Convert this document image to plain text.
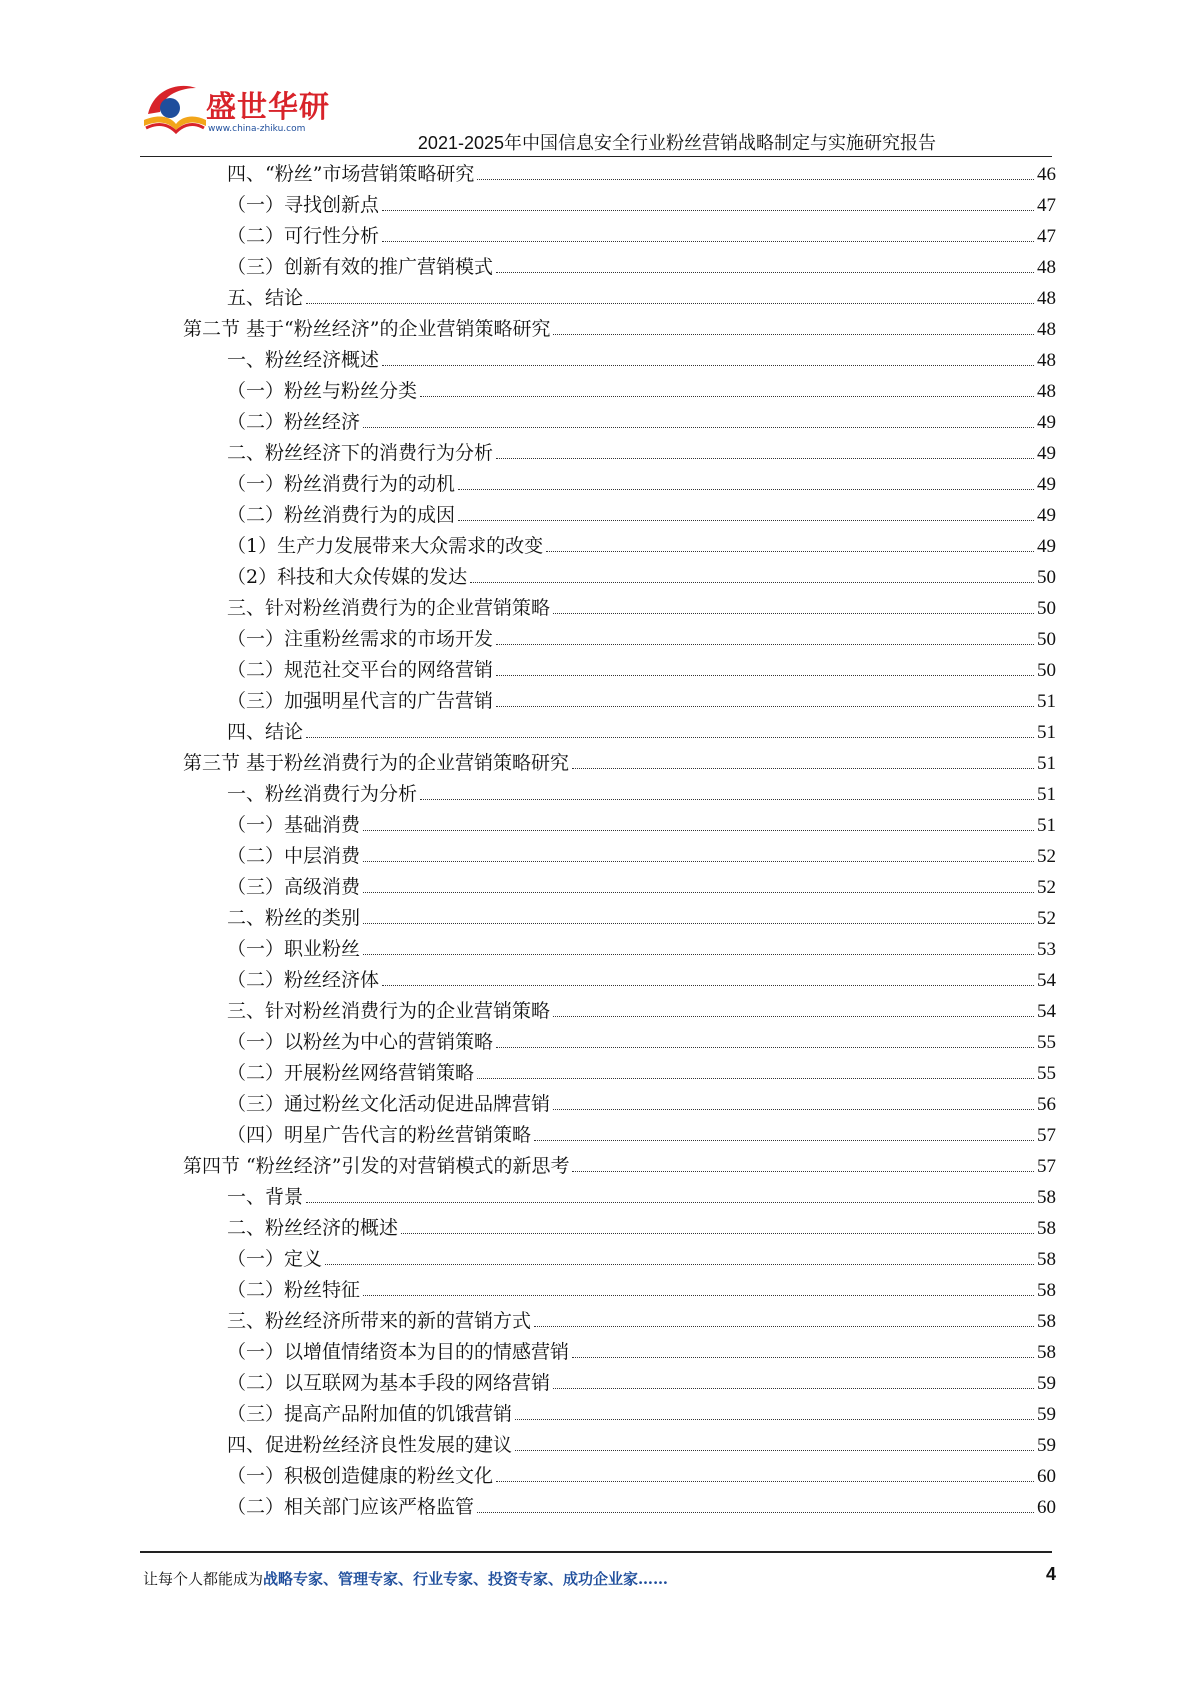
盛世华研
www.china-zhiku.com
2021-2025年中国信息安全行业粉丝营销战略制定与实施研究报告
四、“粉丝”市场营销策略研究	46
（一）寻找创新点	47
（二）可行性分析	47
（三）创新有效的推广营销模式	48
五、结论	48
第二节 基于“粉丝经济”的企业营销策略研究	48
一、粉丝经济概述	48
（一）粉丝与粉丝分类	48
（二）粉丝经济	49
二、粉丝经济下的消费行为分析	49
（一）粉丝消费行为的动机	49
（二）粉丝消费行为的成因	49
（1）生产力发展带来大众需求的改变	49
（2）科技和大众传媒的发达	50
三、针对粉丝消费行为的企业营销策略	50
（一）注重粉丝需求的市场开发	50
（二）规范社交平台的网络营销	50
（三）加强明星代言的广告营销	51
四、结论	51
第三节 基于粉丝消费行为的企业营销策略研究	51
一、粉丝消费行为分析	51
（一）基础消费	51
（二）中层消费	52
（三）高级消费	52
二、粉丝的类别	52
（一）职业粉丝	53
（二）粉丝经济体	54
三、针对粉丝消费行为的企业营销策略	54
（一）以粉丝为中心的营销策略	55
（二）开展粉丝网络营销策略	55
（三）通过粉丝文化活动促进品牌营销	56
（四）明星广告代言的粉丝营销策略	57
第四节 “粉丝经济”引发的对营销模式的新思考	57
一、背景	58
二、粉丝经济的概述	58
（一）定义	58
（二）粉丝特征	58
三、粉丝经济所带来的新的营销方式	58
（一）以增值情绪资本为目的的情感营销	58
（二）以互联网为基本手段的网络营销	59
（三）提高产品附加值的饥饿营销	59
四、促进粉丝经济良性发展的建议	59
（一）积极创造健康的粉丝文化	60
（二）相关部门应该严格监管	60
让每个人都能成为战略专家、管理专家、行业专家、投资专家、成功企业家……	4
